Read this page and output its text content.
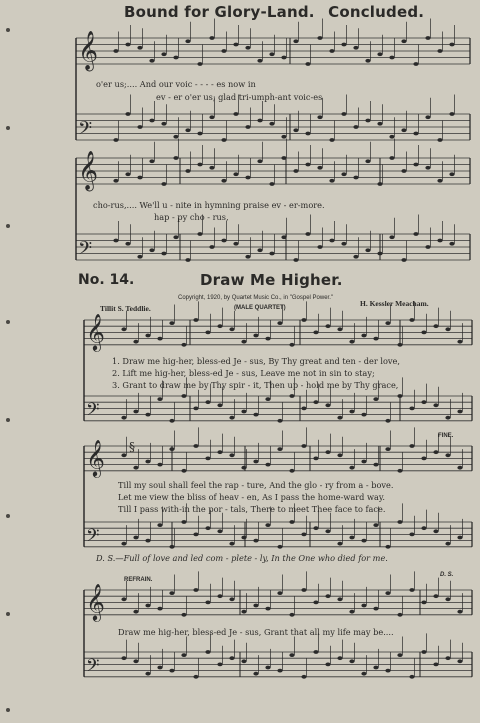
Bound for Glory-Land. Concluded.
𝄞
𝄢
𝄞
𝄢
𝄞
𝄢
𝄞
𝄢
𝄞
𝄢
o'er us;.... And our voic - - - - es now in
ev - er o'er us; glad tri-umph-ant voic-es
cho-rus,.... We'll u - nite in hymning praise ev - er-more.
hap - py cho - rus,
No. 14.	Draw Me Higher.
Copyright, 1920, by Quartet Music Co., in "Gospel Power."
Tillit S. Teddlie.	(MALE QUARTET)	H. Kessler Meacham.
1. Draw me hig-her, bless-ed Je - sus, By Thy great and ten - der love,
2. Lift me hig-her, bless-ed Je - sus, Leave me not in sin to stay;
3. Grant to draw me by Thy spir - it, Then up - hold me by Thy grace,
§
FINE.
Till my soul shall feel the rap - ture, And the glo - ry from a - bove.
Let me view the bliss of heav - en, As I pass the home-ward way.
Till I pass with-in the por - tals, There to meet Thee face to face.
D. S.—Full of love and led com - plete - ly, In the One who died for me.
REFRAIN.
D. S.
Draw me hig-her, bless-ed Je - sus, Grant that all my life may be....
